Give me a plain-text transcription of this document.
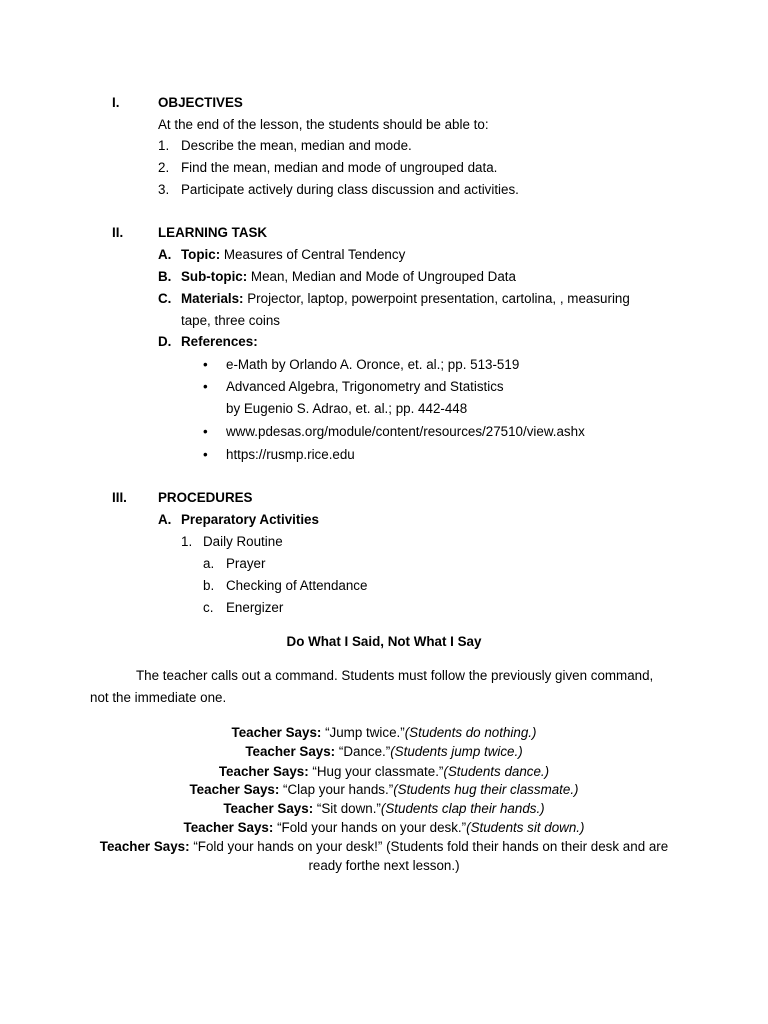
I.	OBJECTIVES
At the end of the lesson, the students should be able to:
1. Describe the mean, median and mode.
2. Find the mean, median and mode of ungrouped data.
3. Participate actively during class discussion and activities.
II.	LEARNING TASK
A. Topic: Measures of Central Tendency
B. Sub-topic: Mean, Median and Mode of Ungrouped Data
C. Materials: Projector, laptop, powerpoint presentation, cartolina, , measuring
tape, three coins
D. References:
• e-Math by Orlando A. Oronce, et. al.; pp. 513-519
• Advanced Algebra, Trigonometry and Statistics
by Eugenio S. Adrao, et. al.; pp. 442-448
• www.pdesas.org/module/content/resources/27510/view.ashx
• https://rusmp.rice.edu
III. PROCEDURES
A. Preparatory Activities
1. Daily Routine
a. Prayer
b. Checking of Attendance
c. Energizer
Do What I Said, Not What I Say
The teacher calls out a command. Students must follow the previously given command,
not the immediate one.
Teacher Says: “Jump twice.”(Students do nothing.)
Teacher Says: “Dance.”(Students jump twice.)
Teacher Says: “Hug your classmate.”(Students dance.)
Teacher Says: “Clap your hands.”(Students hug their classmate.)
Teacher Says: “Sit down.”(Students clap their hands.)
Teacher Says: “Fold your hands on your desk.”(Students sit down.)
Teacher Says: “Fold your hands on your desk!” (Students fold their hands on their desk and are
ready forthe next lesson.)
